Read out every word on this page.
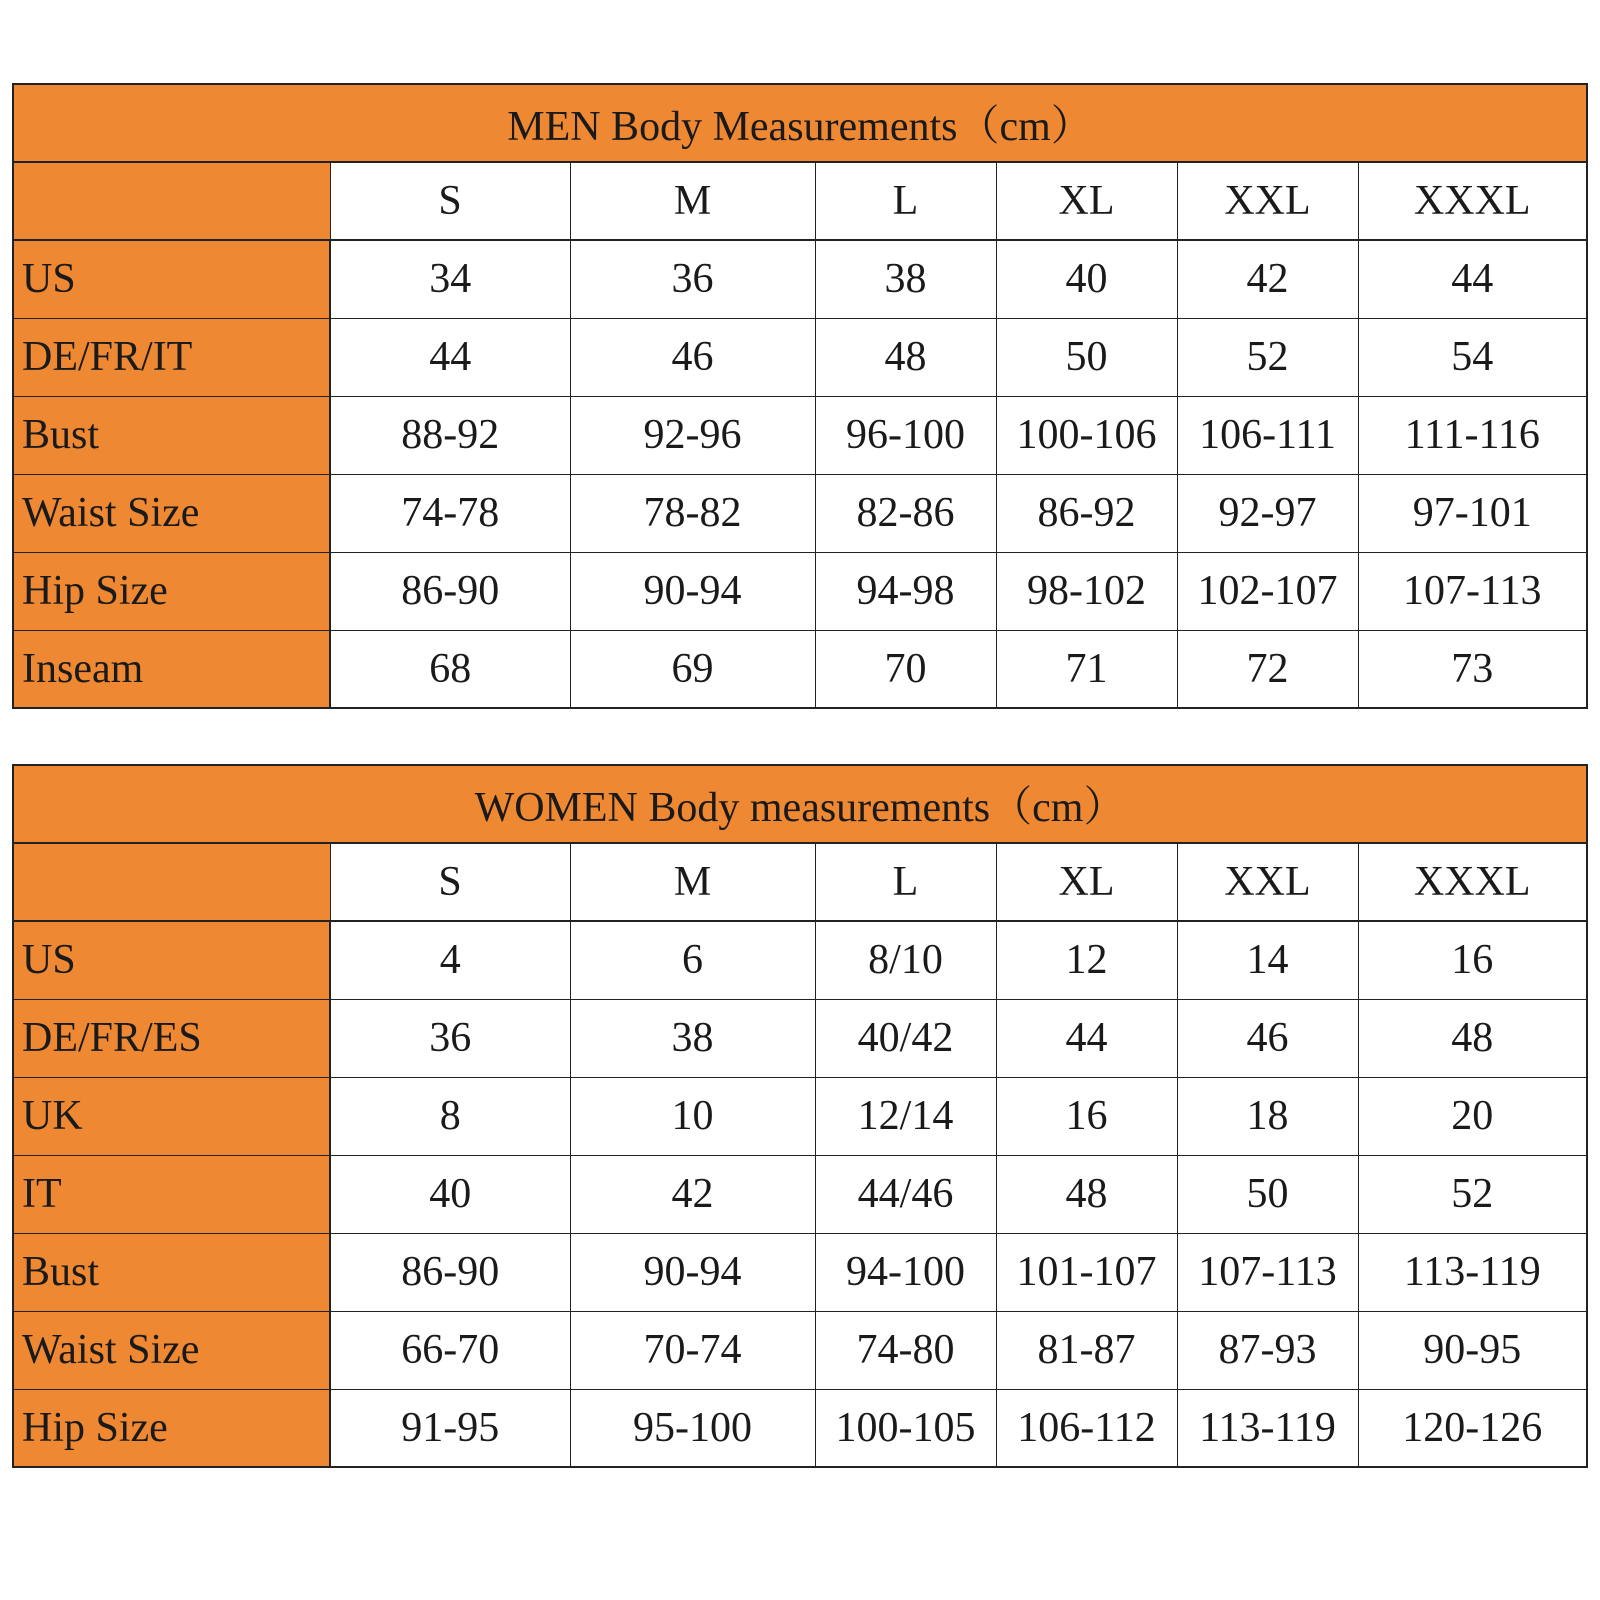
MEN Body Measurements（cm）						
	S	M	L	XL	XXL	XXXL
US	34	36	38	40	42	44
DE/FR/IT	44	46	48	50	52	54
Bust	88-92	92-96	96-100	100-106	106-111	111-116
Waist Size	74-78	78-82	82-86	86-92	92-97	97-101
Hip Size	86-90	90-94	94-98	98-102	102-107	107-113
Inseam	68	69	70	71	72	73
WOMEN Body measurements（cm）						
	S	M	L	XL	XXL	XXXL
US	4	6	8/10	12	14	16
DE/FR/ES	36	38	40/42	44	46	48
UK	8	10	12/14	16	18	20
IT	40	42	44/46	48	50	52
Bust	86-90	90-94	94-100	101-107	107-113	113-119
Waist Size	66-70	70-74	74-80	81-87	87-93	90-95
Hip Size	91-95	95-100	100-105	106-112	113-119	120-126
